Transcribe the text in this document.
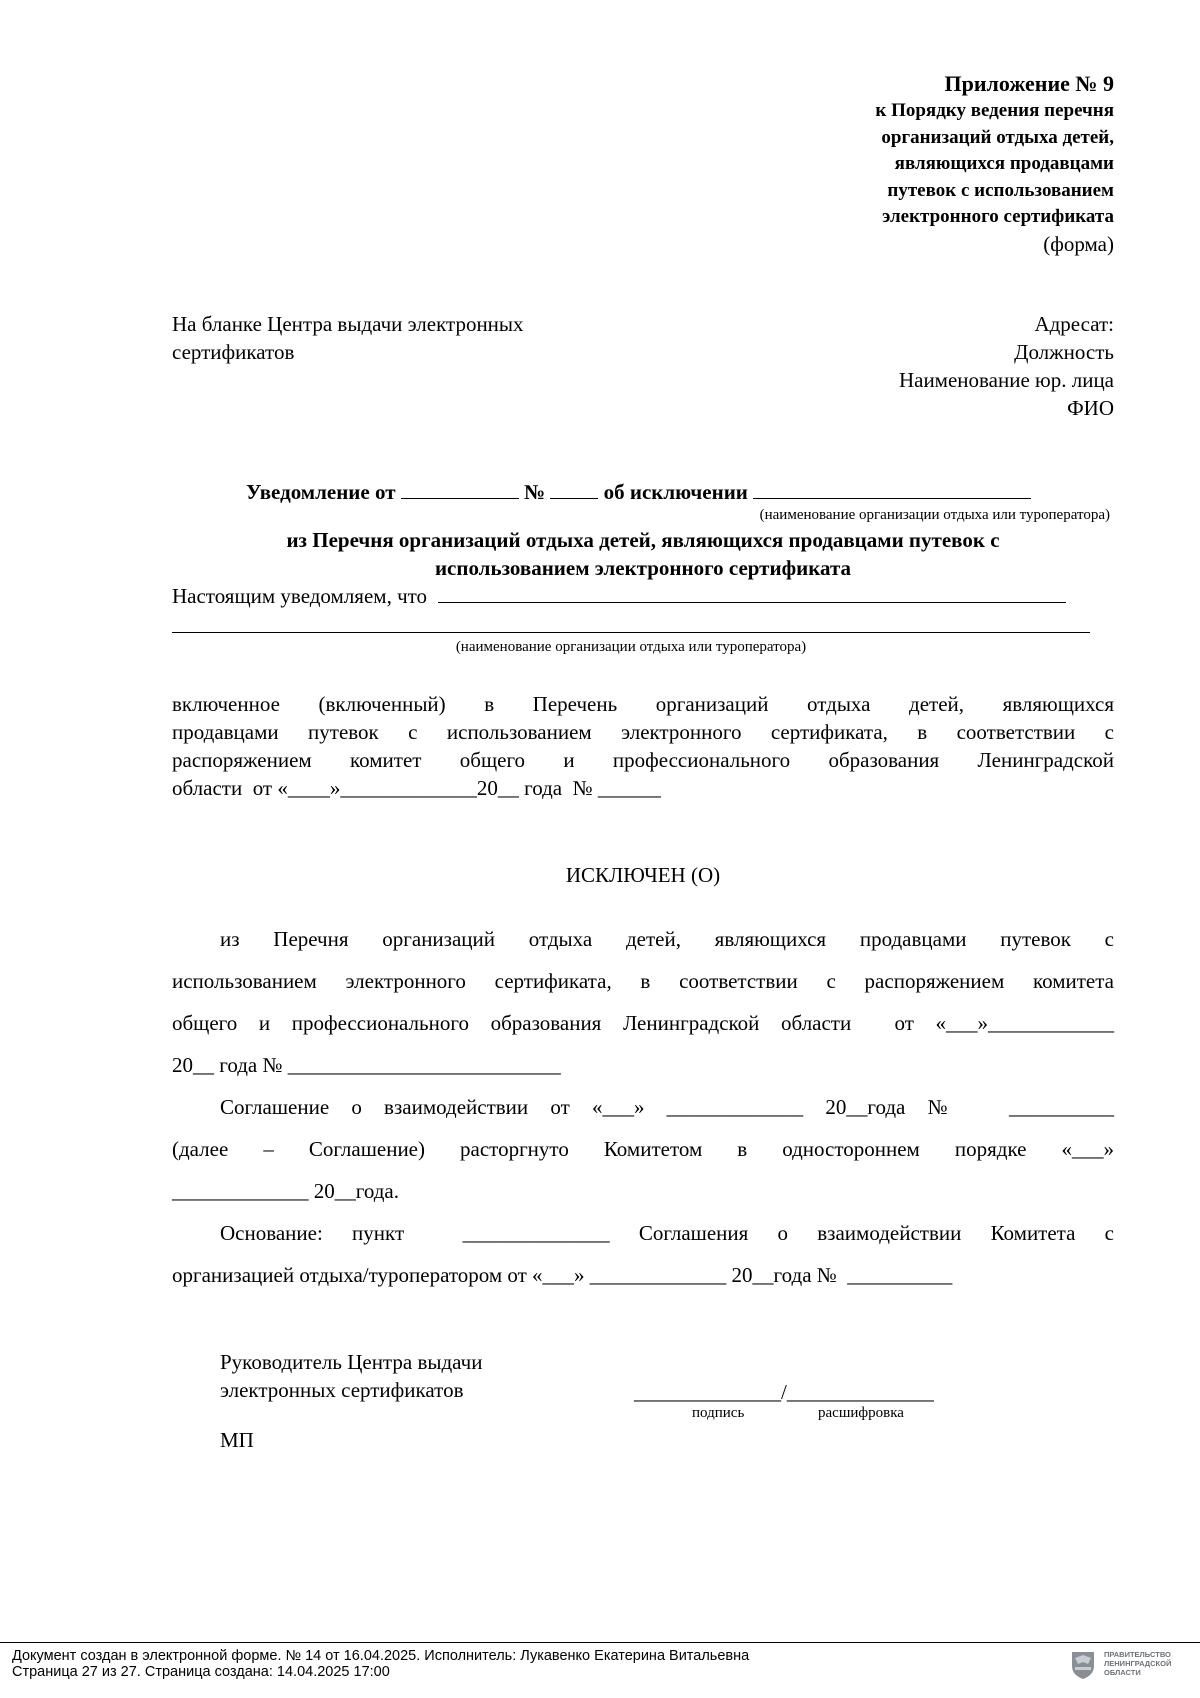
Приложение № 9
к Порядку ведения перечня
организаций отдыха детей,
являющихся продавцами
путевок с использованием
электронного сертификата
(форма)
На бланке Центра выдачи электронных
сертификатов
Адресат:
Должность
Наименование юр. лица
ФИО
Уведомление от	№	об исключении
(наименование организации отдыха или туроператора)
из Перечня организаций отдыха детей, являющихся продавцами путевок с
использованием электронного сертификата
Настоящим уведомляем, что
(наименование организации отдыха или туроператора)
включенное (включенный) в Перечень организаций отдыха детей, являющихся
продавцами путевок с использованием электронного сертификата, в соответствии с
распоряжением комитет общего и профессионального образования Ленинградской
области  от «____»_____________20__ года  № ______
ИСКЛЮЧЕН (О)
из Перечня организаций отдыха детей, являющихся продавцами путевок с
использованием электронного сертификата, в соответствии с распоряжением комитета
общего и профессионального образования Ленинградской области  от «___»____________
20__ года № __________________________
Соглашение о взаимодействии от «___» _____________ 20__года №  __________
(далее – Соглашение) расторгнуто Комитетом в одностороннем порядке «___»
_____________ 20__года.
Основание: пункт  ______________ Соглашения о взаимодействии Комитета с
организацией отдыха/туроператором от «___» _____________ 20__года №  __________
Руководитель Центра выдачи
электронных сертификатов	______________/______________
подпись	расшифровка
МП
Документ создан в электронной форме. № 14 от 16.04.2025. Исполнитель: Лукавенко Екатерина Витальевна
Страница 27 из 27. Страница создана: 14.04.2025 17:00
ПРАВИТЕЛЬСТВО
ЛЕНИНГРАДСКОЙ
ОБЛАСТИ
